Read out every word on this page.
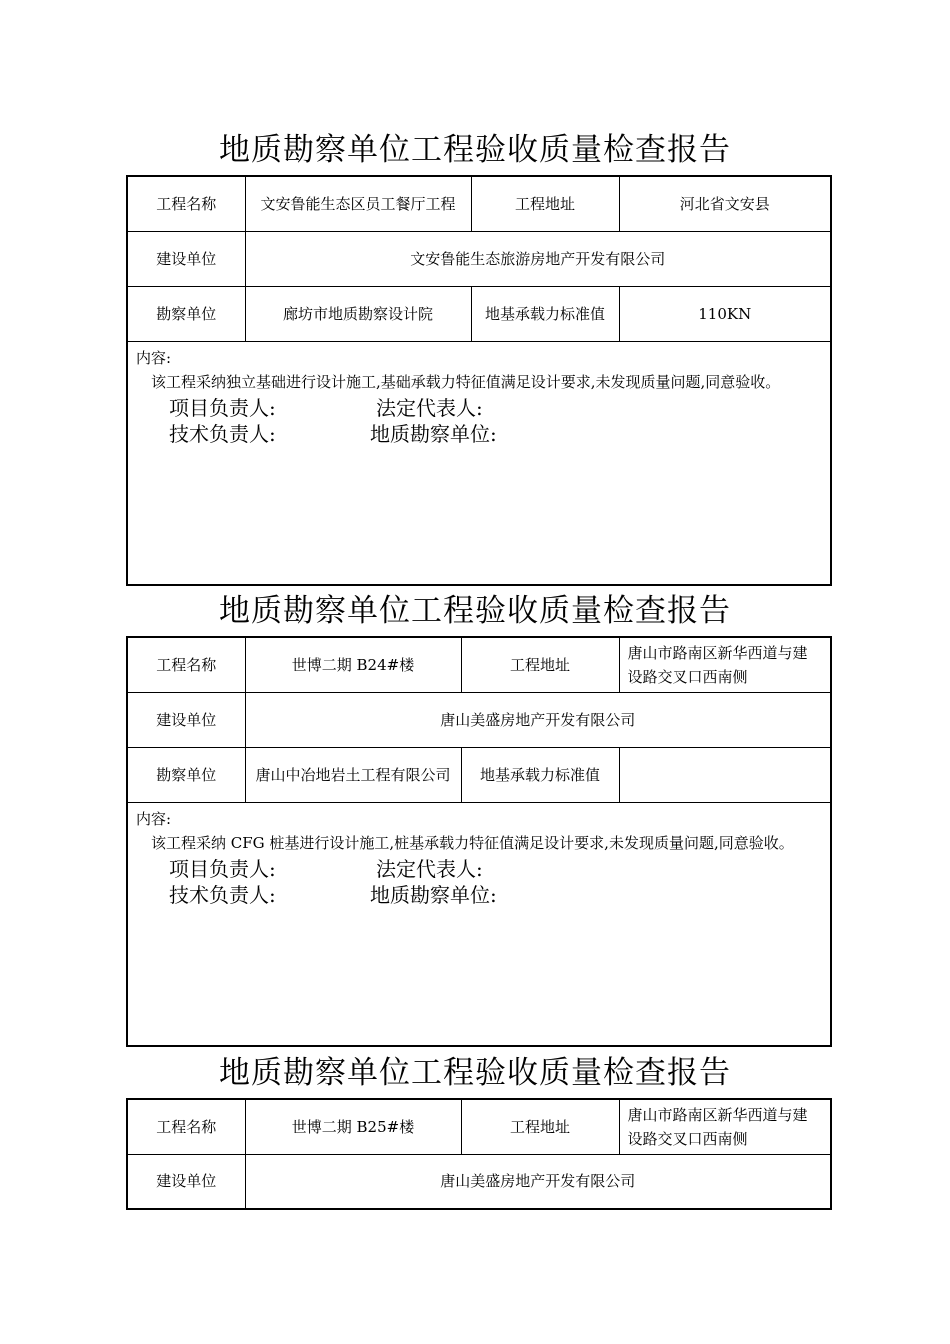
地质勘察单位工程验收质量检查报告
工程名称	文安鲁能生态区员工餐厅工程	工程地址	河北省文安县
建设单位	文安鲁能生态旅游房地产开发有限公司		
勘察单位	廊坊市地质勘察设计院	地基承载力标准值	110KN

内容:
该工程采纳独立基础进行设计施工,基础承载力特征值满足设计要求,未发现质量问题,同意验收。
项目负责人: 法定代表人:
技术负责人: 地质勘察单位:			
地质勘察单位工程验收质量检查报告
工程名称	世博二期 B24#楼	工程地址	唐山市路南区新华西道与建设路交叉口西南侧
建设单位	唐山美盛房地产开发有限公司		
勘察单位	唐山中冶地岩土工程有限公司	地基承载力标准值	

内容:
该工程采纳 CFG 桩基进行设计施工,桩基承载力特征值满足设计要求,未发现质量问题,同意验收。
项目负责人: 法定代表人:
技术负责人: 地质勘察单位:			
地质勘察单位工程验收质量检查报告
工程名称	世博二期 B25#楼	工程地址	唐山市路南区新华西道与建设路交叉口西南侧
建设单位	唐山美盛房地产开发有限公司		
